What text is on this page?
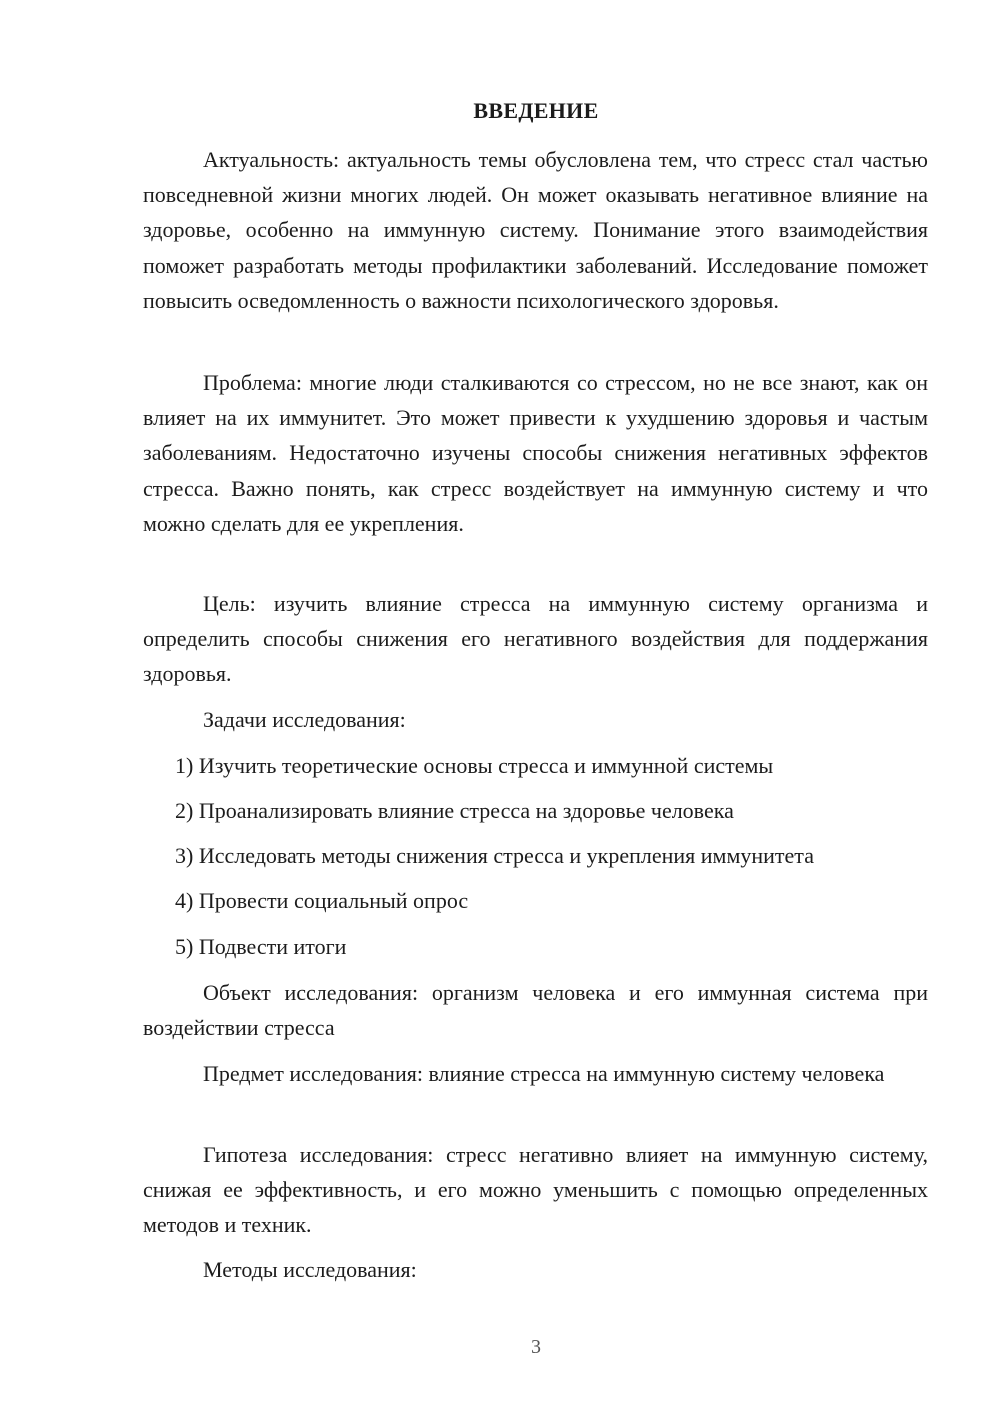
ВВЕДЕНИЕ

Актуальность: актуальность темы обусловлена тем, что стресс стал частью повседневной жизни многих людей. Он может оказывать негативное влияние на здоровье, особенно на иммунную систему. Понимание этого взаимодействия поможет разработать методы профилактики заболеваний. Исследование поможет повысить осведомленность о важности психологического здоровья.

Проблема: многие люди сталкиваются со стрессом, но не все знают, как он влияет на их иммунитет. Это может привести к ухудшению здоровья и частым заболеваниям. Недостаточно изучены способы снижения негативных эффектов стресса. Важно понять, как стресс воздействует на иммунную систему и что можно сделать для ее укрепления.

Цель: изучить влияние стресса на иммунную систему организма и определить способы снижения его негативного воздействия для поддержания здоровья.

Задачи исследования:

1) Изучить теоретические основы стресса и иммунной системы

2) Проанализировать влияние стресса на здоровье человека

3) Исследовать методы снижения стресса и укрепления иммунитета

4) Провести социальный опрос

5) Подвести итоги

Объект исследования: организм человека и его иммунная система при воздействии стресса

Предмет исследования: влияние стресса на иммунную систему человека

Гипотеза исследования: стресс негативно влияет на иммунную систему, снижая ее эффективность, и его можно уменьшить с помощью определенных методов и техник.

Методы исследования:

3
